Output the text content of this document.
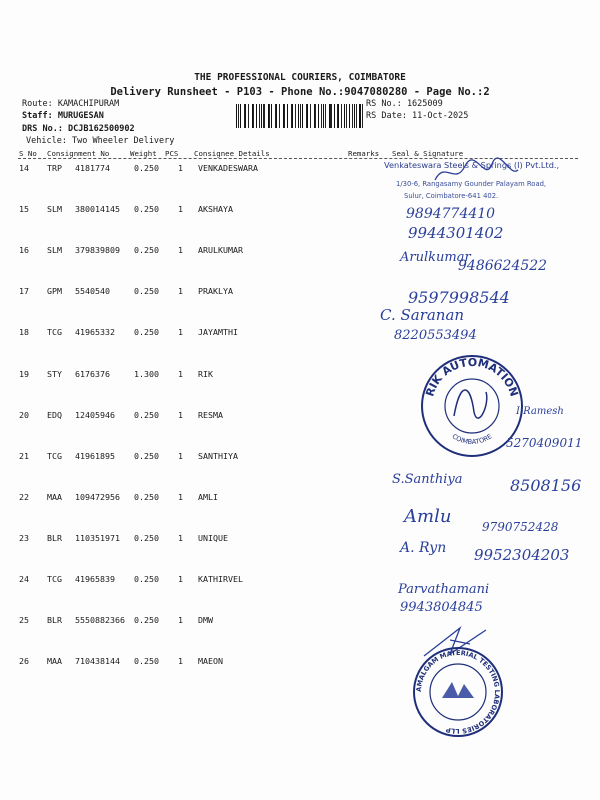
THE PROFESSIONAL COURIERS, COIMBATORE
Delivery Runsheet - P103 - Phone No.:9047080280 - Page No.:2
Route: KAMACHIPURAM
Staff: MURUGESAN
DRS No.: DCJB162500902
Vehicle: Two Wheeler Delivery
RS No.: 1625009
RS Date: 11-Oct-2025
S No Consignment No	Weight PCS Consignee Details	Remarks Seal & Signature
14 TRP 4181774	0.250 1 VENKADESWARA
15 SLM 380014145 0.250 1 AKSHAYA
16 SLM 379839809 0.250 1 ARULKUMAR
17 GPM 5540540	0.250 1 PRAKLYA
18 TCG 41965332 0.250 1 JAYAMTHI
19 STY 6176376	1.300 1 RIK
20 EDQ 12405946 0.250 1 RESMA
21 TCG 41961895 0.250 1 SANTHIYA
22 MAA 109472956 0.250 1 AMLI
23 BLR 110351971 0.250 1 UNIQUE
24 TCG 41965839 0.250 1 KATHIRVEL
25 BLR 5550882366 0.250 1 DMW
26 MAA 710438144 0.250 1 MAEON
Venkateswara Steels & Springs (I) Pvt.Ltd.,
1/30-6, Rangasamy Gounder Palayam Road,
Sulur, Coimbatore-641 402.
9894774410
9944301402
Arulkumar
9486624522
9597998544
C. Saranan
8220553494
RIK AUTOMATION
COIMBATORE
I Ramesh
5270409011
S.Santhiya	8508156
Amlu	9790752428
A. Ryn 9952304203
Parvathamani
9943804845
AMALGAM MATERIAL TESTING LABORATORIES LLP
